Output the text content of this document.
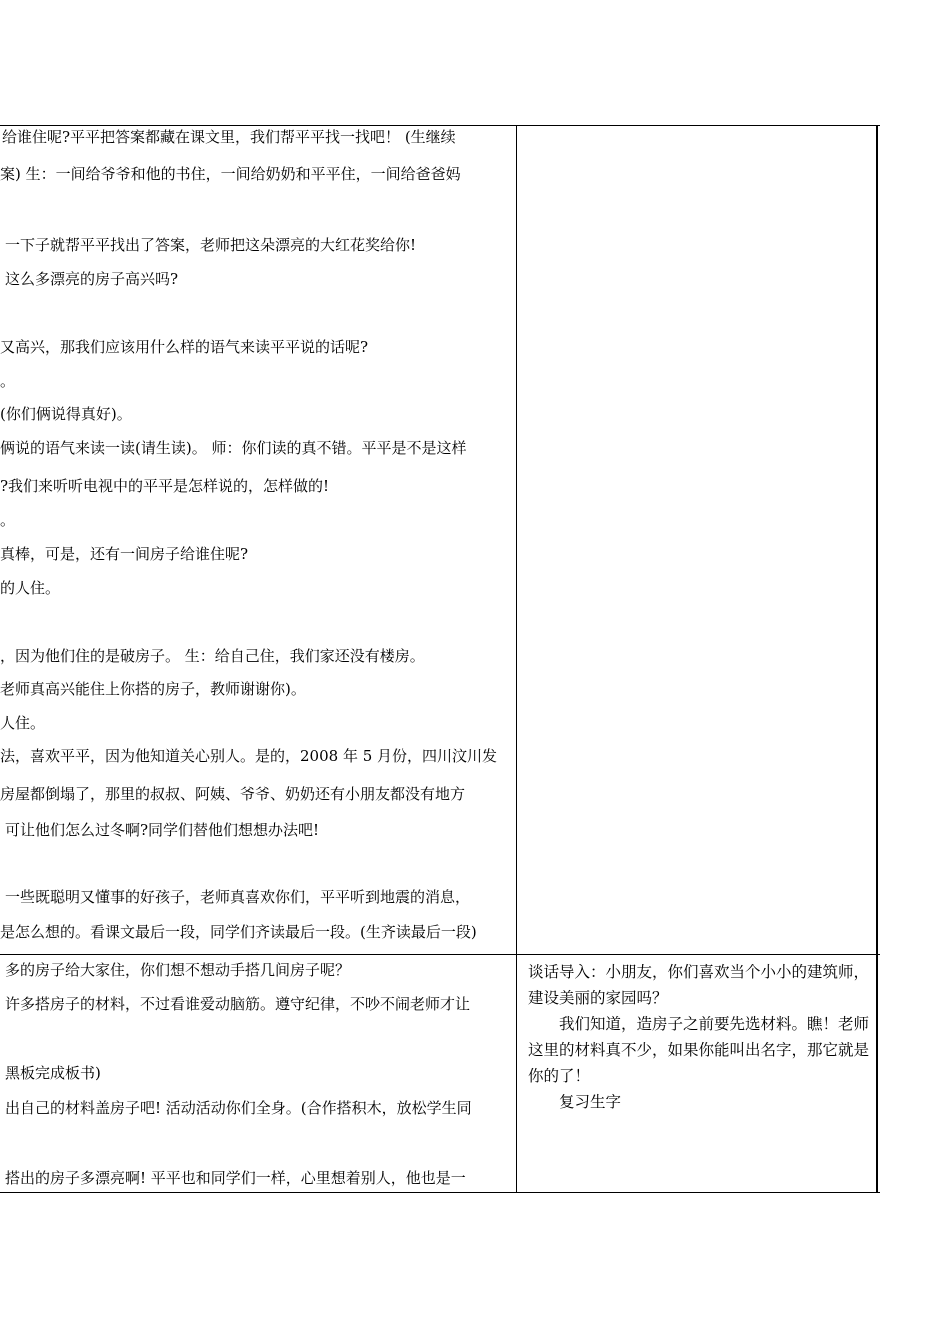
给谁住呢?平平把答案都藏在课文里，我们帮平平找一找吧！ (生继续
案) 生：一间给爷爷和他的书住，一间给奶奶和平平住，一间给爸爸妈
一下子就帮平平找出了答案，老师把这朵漂亮的大红花奖给你!
这么多漂亮的房子高兴吗?
又高兴，那我们应该用什么样的语气来读平平说的话呢?
。
(你们俩说得真好)。
俩说的语气来读一读(请生读)。 师：你们读的真不错。平平是不是这样
?我们来听听电视中的平平是怎样说的，怎样做的!
。
真棒，可是，还有一间房子给谁住呢?
的人住。
，因为他们住的是破房子。 生：给自己住，我们家还没有楼房。
老师真高兴能住上你搭的房子，教师谢谢你)。
人住。
法，喜欢平平，因为他知道关心别人。是的，2008 年 5 月份，四川汶川发
房屋都倒塌了，那里的叔叔、阿姨、爷爷、奶奶还有小朋友都没有地方
可让他们怎么过冬啊?同学们替他们想想办法吧!
一些既聪明又懂事的好孩子，老师真喜欢你们，平平听到地震的消息，
是怎么想的。看课文最后一段，同学们齐读最后一段。(生齐读最后一段)
多的房子给大家住，你们想不想动手搭几间房子呢？
许多搭房子的材料，不过看谁爱动脑筋。遵守纪律，不吵不闹老师才让
黑板完成板书)
出自己的材料盖房子吧! 活动活动你们全身。(合作搭积木，放松学生同
搭出的房子多漂亮啊! 平平也和同学们一样，心里想着别人，他也是一

谈话导入：小朋友，你们喜欢当个小小的建筑师，建设美丽的家园吗？

我们知道，造房子之前要先选材料。瞧！老师这里的材料真不少，如果你能叫出名字，那它就是你的了！

复习生字
